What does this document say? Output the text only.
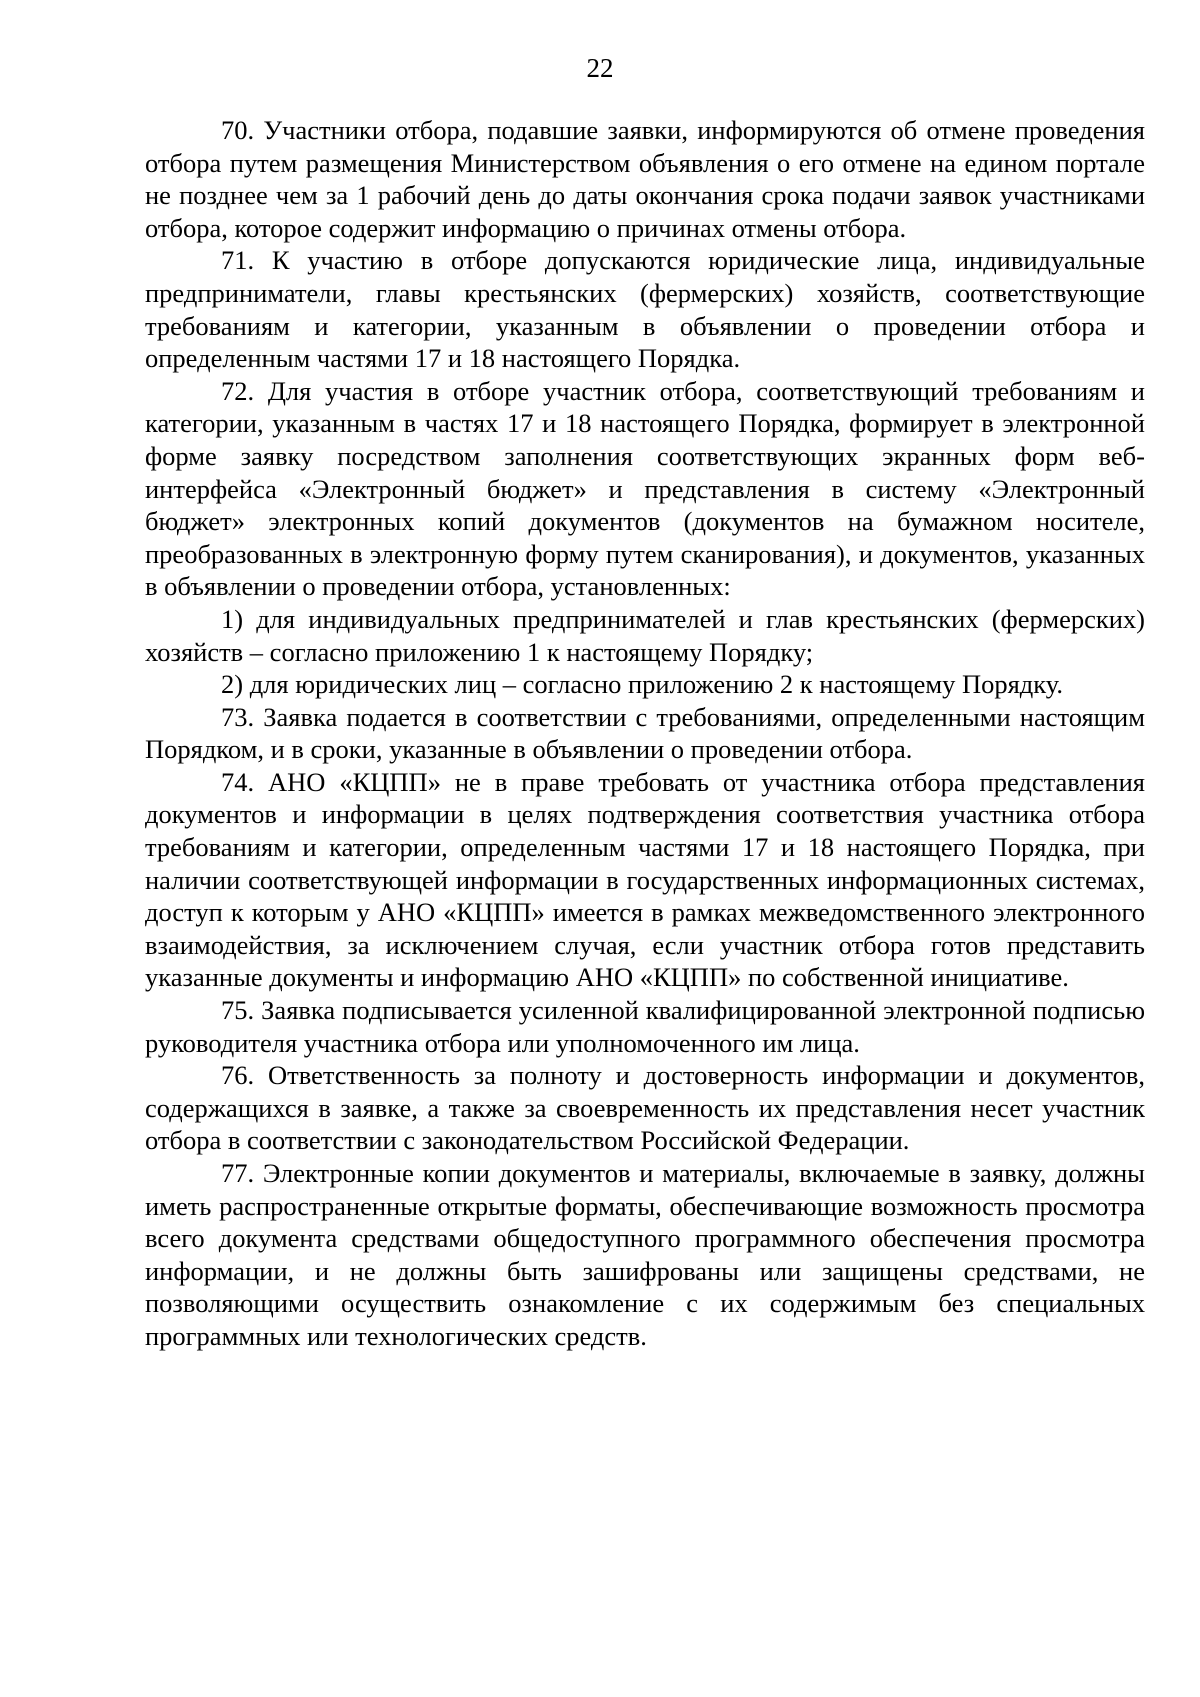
22

70. Участники отбора, подавшие заявки, информируются об отмене проведения отбора путем размещения Министерством объявления о его отмене на едином портале не позднее чем за 1 рабочий день до даты окончания срока подачи заявок участниками отбора, которое содержит информацию о причинах отмены отбора.

71. К участию в отборе допускаются юридические лица, индивидуальные предприниматели, главы крестьянских (фермерских) хозяйств, соответствующие требованиям и категории, указанным в объявлении о проведении отбора и определенным частями 17 и 18 настоящего Порядка.

72. Для участия в отборе участник отбора, соответствующий требованиям и категории, указанным в частях 17 и 18 настоящего Порядка, формирует в электронной форме заявку посредством заполнения соответствующих экранных форм веб-интерфейса «Электронный бюджет» и представления в систему «Электронный бюджет» электронных копий документов (документов на бумажном носителе, преобразованных в электронную форму путем сканирования), и документов, указанных в объявлении о проведении отбора, установленных:

1) для индивидуальных предпринимателей и глав крестьянских (фермерских) хозяйств – согласно приложению 1 к настоящему Порядку;

2) для юридических лиц – согласно приложению 2 к настоящему Порядку.

73. Заявка подается в соответствии с требованиями, определенными настоящим Порядком, и в сроки, указанные в объявлении о проведении отбора.

74. АНО «КЦПП» не в праве требовать от участника отбора представления документов и информации в целях подтверждения соответствия участника отбора требованиям и категории, определенным частями 17 и 18 настоящего Порядка, при наличии соответствующей информации в государственных информационных системах, доступ к которым у АНО «КЦПП» имеется в рамках межведомственного электронного взаимодействия, за исключением случая, если участник отбора готов представить указанные документы и информацию АНО «КЦПП» по собственной инициативе.

75. Заявка подписывается усиленной квалифицированной электронной подписью руководителя участника отбора или уполномоченного им лица.

76. Ответственность за полноту и достоверность информации и документов, содержащихся в заявке, а также за своевременность их представления несет участник отбора в соответствии с законодательством Российской Федерации.

77. Электронные копии документов и материалы, включаемые в заявку, должны иметь распространенные открытые форматы, обеспечивающие возможность просмотра всего документа средствами общедоступного программного обеспечения просмотра информации, и не должны быть зашифрованы или защищены средствами, не позволяющими осуществить ознакомление с их содержимым без специальных программных или технологических средств.
